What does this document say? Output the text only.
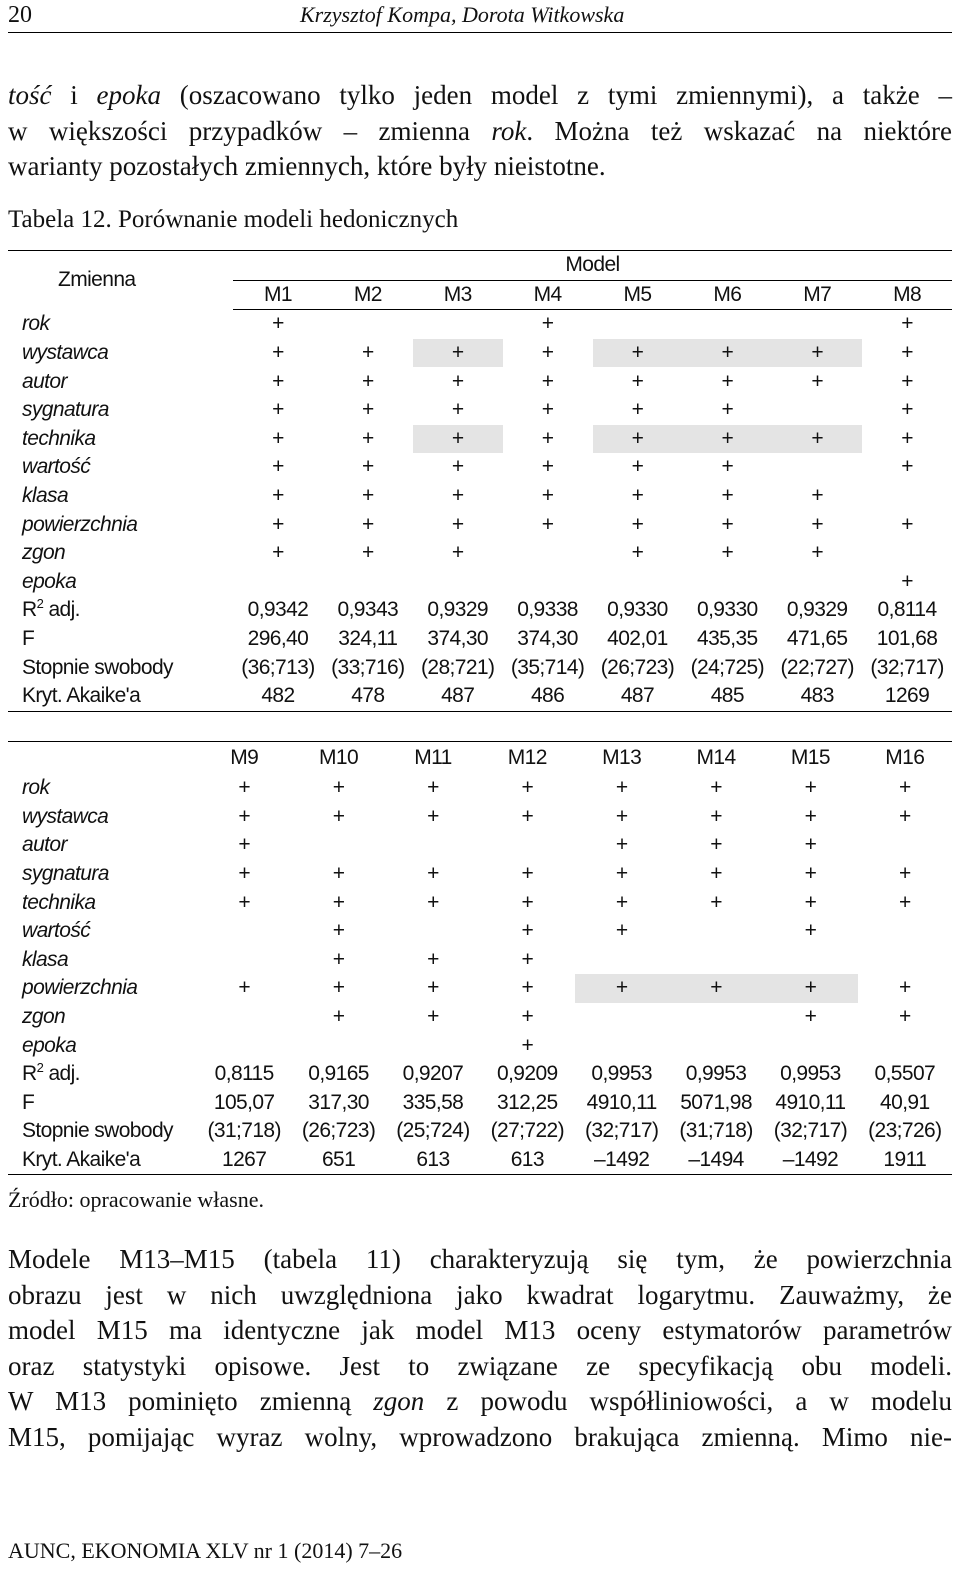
20	Krzysztof Kompa, Dorota Witkowska
tość i epoka (oszacowano tylko jeden model z tymi zmiennymi), a także –
w większości przypadków – zmienna rok. Można też wskazać na niektóre
warianty pozostałych zmiennych, które były nieistotne.
Tabela 12. Porównanie modeli hedonicznych
Zmienna	Model							
	M1	M2	M3	M4	M5	M6	M7	M8
rok	+			+				+
wystawca	+	+	+	+	+	+	+	+
autor	+	+	+	+	+	+	+	+
sygnatura	+	+	+	+	+	+		+
technika	+	+	+	+	+	+	+	+
wartość	+	+	+	+	+	+		+
klasa	+	+	+	+	+	+	+	
powierzchnia	+	+	+	+	+	+	+	+
zgon	+	+	+		+	+	+	
epoka								+
$R^2$ adj.	0,9342	0,9343	0,9329	0,9338	0,9330	0,9330	0,9329	0,8114
F	296,40	324,11	374,30	374,30	402,01	435,35	471,65	101,68
Stopnie swobody	(36;713)	(33;716)	(28;721)	(35;714)	(26;723)	(24;725)	(22;727)	(32;717)
Kryt. Akaike'a	482	478	487	486	487	485	483	1269
	M9	M10	M11	M12	M13	M14	M15	M16
rok	+	+	+	+	+	+	+	+
wystawca	+	+	+	+	+	+	+	+
autor	+				+	+	+	
sygnatura	+	+	+	+	+	+	+	+
technika	+	+	+	+	+	+	+	+
wartość		+		+	+		+	
klasa		+	+	+				
powierzchnia	+	+	+	+	+	+	+	+
zgon		+	+	+			+	+
epoka				+				
$R^2$ adj.	0,8115	0,9165	0,9207	0,9209	0,9953	0,9953	0,9953	0,5507
F	105,07	317,30	335,58	312,25	4910,11	5071,98	4910,11	40,91
Stopnie swobody	(31;718)	(26;723)	(25;724)	(27;722)	(32;717)	(31;718)	(32;717)	(23;726)
Kryt. Akaike'a	1267	651	613	613	–1492	–1494	–1492	1911
Źródło: opracowanie własne.
Modele M13–M15 (tabela 11) charakteryzują się tym, że powierzchnia
obrazu jest w nich uwzględniona jako kwadrat logarytmu. Zauważmy, że
model M15 ma identyczne jak model M13 oceny estymatorów parametrów
oraz statystyki opisowe. Jest to związane ze specyfikacją obu modeli.
W M13 pominięto zmienną zgon z powodu współliniowości, a w modelu
M15, pomijając wyraz wolny, wprowadzono brakująca zmienną. Mimo nie-
AUNC, EKONOMIA XLV nr 1 (2014) 7–26
